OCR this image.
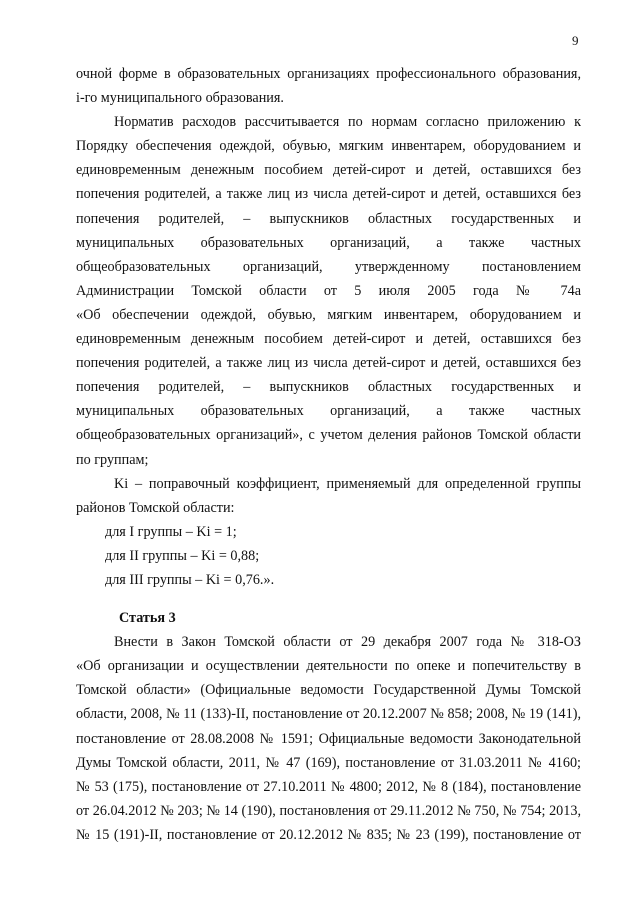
9
очной форме в образовательных организациях профессионального образования,
i-го муниципального образования.
Норматив расходов рассчитывается по нормам согласно приложению к
Порядку обеспечения одеждой, обувью, мягким инвентарем, оборудованием и
единовременным денежным пособием детей-сирот и детей, оставшихся без
попечения родителей, а также лиц из числа детей-сирот и детей, оставшихся без
попечения родителей, – выпускников областных государственных и
муниципальных образовательных организаций, а также частных
общеобразовательных организаций, утвержденному постановлением
Администрации Томской области от 5 июля 2005 года № 74а
«Об обеспечении одеждой, обувью, мягким инвентарем, оборудованием и
единовременным денежным пособием детей-сирот и детей, оставшихся без
попечения родителей, а также лиц из числа детей-сирот и детей, оставшихся без
попечения родителей, – выпускников областных государственных и
муниципальных образовательных организаций, а также частных
общеобразовательных организаций», с учетом деления районов Томской области
по группам;
Ki – поправочный коэффициент, применяемый для определенной группы
районов Томской области:
для I группы – Ki = 1;
для II группы – Ki = 0,88;
для III группы – Ki = 0,76.».
Статья 3
Внести в Закон Томской области от 29 декабря 2007 года № 318-ОЗ
«Об организации и осуществлении деятельности по опеке и попечительству в
Томской области» (Официальные ведомости Государственной Думы Томской
области, 2008, № 11 (133)-II, постановление от 20.12.2007 № 858; 2008, № 19 (141),
постановление от 28.08.2008 № 1591; Официальные ведомости Законодательной
Думы Томской области, 2011, № 47 (169), постановление от 31.03.2011 № 4160;
№ 53 (175), постановление от 27.10.2011 № 4800; 2012, № 8 (184), постановление
от 26.04.2012 № 203; № 14 (190), постановления от 29.11.2012 № 750, № 754; 2013,
№ 15 (191)-II, постановление от 20.12.2012 № 835; № 23 (199), постановление от
